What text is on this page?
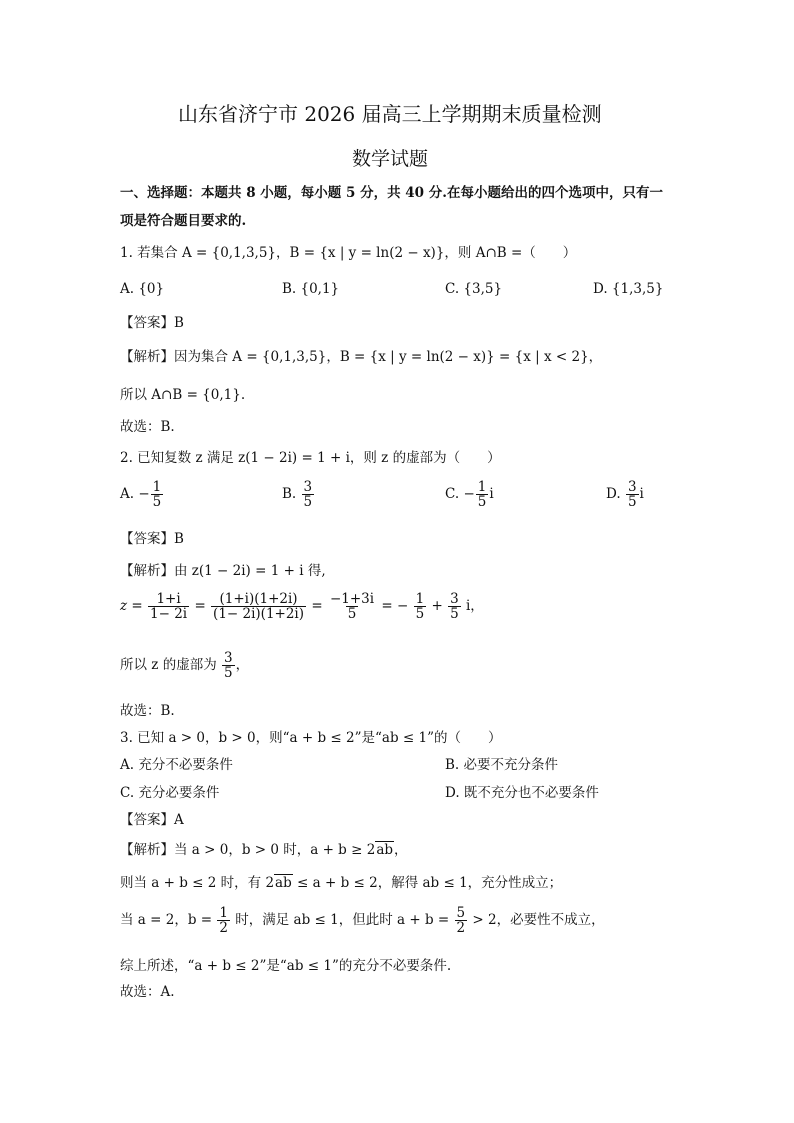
山东省济宁市 2026 届高三上学期期末质量检测
数学试题
一、选择题：本题共 8 小题，每小题 5 分，共 40 分.在每小题给出的四个选项中，只有一
项是符合题目要求的.
1. 若集合 A = {0,1,3,5}，B = {x | y = ln(2 − x)}，则 A∩B =（　　）
A. {0}	B. {0,1}	C. {3,5}	D. {1,3,5}
【答案】B
【解析】因为集合 A = {0,1,3,5}，B = {x | y = ln(2 − x)} = {x | x < 2}，
所以 A∩B = {0,1}.
故选：B.
2. 已知复数 z 满足 z(1 − 2i) = 1 + i，则 z 的虚部为（　　）
A. − $\frac{1}{5}$	B. $\frac{3}{5}$	C. − $\frac{1}{5}$ i	D. $\frac{3}{5}$ i
【答案】B
【解析】由 z(1 − 2i) = 1 + i 得,
$z = \frac{1+i}{1- 2i} = \frac{(1+i)(1+2i)}{(1- 2i)(1+2i)} = \frac{-1+3i}{5}$ = − $\frac{1}{5} + \frac{3}{5}$ i，
所以 z 的虚部为 $\frac{3}{5}$ ，
故选：B.
3. 已知 a > 0，b > 0，则“a + b ≤ 2”是“ab ≤ 1”的（　　）
A. 充分不必要条件	B. 必要不充分条件
C. 充分必要条件	D. 既不充分也不必要条件
【答案】A
【解析】当 a > 0，b > 0 时，a + b ≥ 2ab，
则当 a + b ≤ 2 时，有 2ab ≤ a + b ≤ 2，解得 ab ≤ 1，充分性成立；
当 a = 2，$b = \frac{1}{2}$ 时，满足 ab ≤ 1，但此时 $a + b = \frac{5}{2} > 2$，必要性不成立，
综上所述，“a + b ≤ 2”是“ab ≤ 1”的充分不必要条件.
故选：A.
